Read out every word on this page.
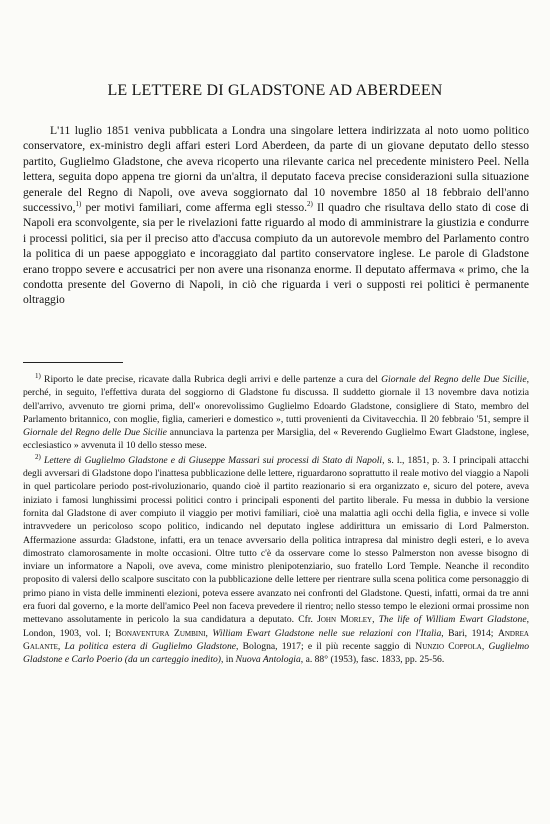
LE LETTERE DI GLADSTONE AD ABERDEEN

L'11 luglio 1851 veniva pubblicata a Londra una singolare lettera indirizzata al noto uomo politico conservatore, ex-ministro degli affari esteri Lord Aberdeen, da parte di un giovane deputato dello stesso partito, Guglielmo Gladstone, che aveva ricoperto una rilevante carica nel precedente ministero Peel. Nella lettera, seguita dopo appena tre giorni da un'altra, il deputato faceva precise considerazioni sulla situazione generale del Regno di Napoli, ove aveva soggiornato dal 10 novembre 1850 al 18 febbraio dell'anno successivo,$^{1)}$ per motivi familiari, come afferma egli stesso.$^{2)}$ Il quadro che risultava dello stato di cose di Napoli era sconvolgente, sia per le rivelazioni fatte riguardo al modo di amministrare la giustizia e condurre i processi politici, sia per il preciso atto d'accusa compiuto da un autorevole membro del Parlamento contro la politica di un paese appoggiato e incoraggiato dal partito conservatore inglese. Le parole di Gladstone erano troppo severe e accusatrici per non avere una risonanza enorme. Il deputato affermava « primo, che la condotta presente del Governo di Napoli, in ciò che riguarda i veri o supposti rei politici è permanente oltraggio

$^{1)}$ Riporto le date precise, ricavate dalla Rubrica degli arrivi e delle partenze a cura del Giornale del Regno delle Due Sicilie, perché, in seguito, l'effettiva durata del soggiorno di Gladstone fu discussa. Il suddetto giornale il 13 novembre dava notizia dell'arrivo, avvenuto tre giorni prima, dell'« onorevolissimo Guglielmo Edoardo Gladstone, consigliere di Stato, membro del Parlamento britannico, con moglie, figlia, camerieri e domestico », tutti provenienti da Civitavecchia. Il 20 febbraio '51, sempre il Giornale del Regno delle Due Sicilie annunciava la partenza per Marsiglia, del « Reverendo Guglielmo Ewart Gladstone, inglese, ecclesiastico » avvenuta il 10 dello stesso mese.

$^{2)}$ Lettere di Guglielmo Gladstone e di Giuseppe Massari sui processi di Stato di Napoli, s. l., 1851, p. 3. I principali attacchi degli avversari di Gladstone dopo l'inattesa pubblicazione delle lettere, riguardarono soprattutto il reale motivo del viaggio a Napoli in quel particolare periodo post-rivoluzionario, quando cioè il partito reazionario si era organizzato e, sicuro del potere, aveva iniziato i famosi lunghissimi processi politici contro i principali esponenti del partito liberale. Fu messa in dubbio la versione fornita dal Gladstone di aver compiuto il viaggio per motivi familiari, cioè una malattia agli occhi della figlia, e invece si volle intravvedere un pericoloso scopo politico, indicando nel deputato inglese addirittura un emissario di Lord Palmerston. Affermazione assurda: Gladstone, infatti, era un tenace avversario della politica intrapresa dal ministro degli esteri, e lo aveva dimostrato clamorosamente in molte occasioni. Oltre tutto c'è da osservare come lo stesso Palmerston non avesse bisogno di inviare un informatore a Napoli, ove aveva, come ministro plenipotenziario, suo fratello Lord Temple. Neanche il recondito proposito di valersi dello scalpore suscitato con la pubblicazione delle lettere per rientrare sulla scena politica come personaggio di primo piano in vista delle imminenti elezioni, poteva essere avanzato nei confronti del Gladstone. Questi, infatti, ormai da tre anni era fuori dal governo, e la morte dell'amico Peel non faceva prevedere il rientro; nello stesso tempo le elezioni ormai prossime non mettevano assolutamente in pericolo la sua candidatura a deputato. Cfr. John Morley, The life of William Ewart Gladstone, London, 1903, vol. I; Bonaventura Zumbini, William Ewart Gladstone nelle sue relazioni con l'Italia, Bari, 1914; Andrea Galante, La politica estera di Guglielmo Gladstone, Bologna, 1917; e il più recente saggio di Nunzio Coppola, Guglielmo Gladstone e Carlo Poerio (da un carteggio inedito), in Nuova Antologia, a. 88° (1953), fasc. 1833, pp. 25-56.
